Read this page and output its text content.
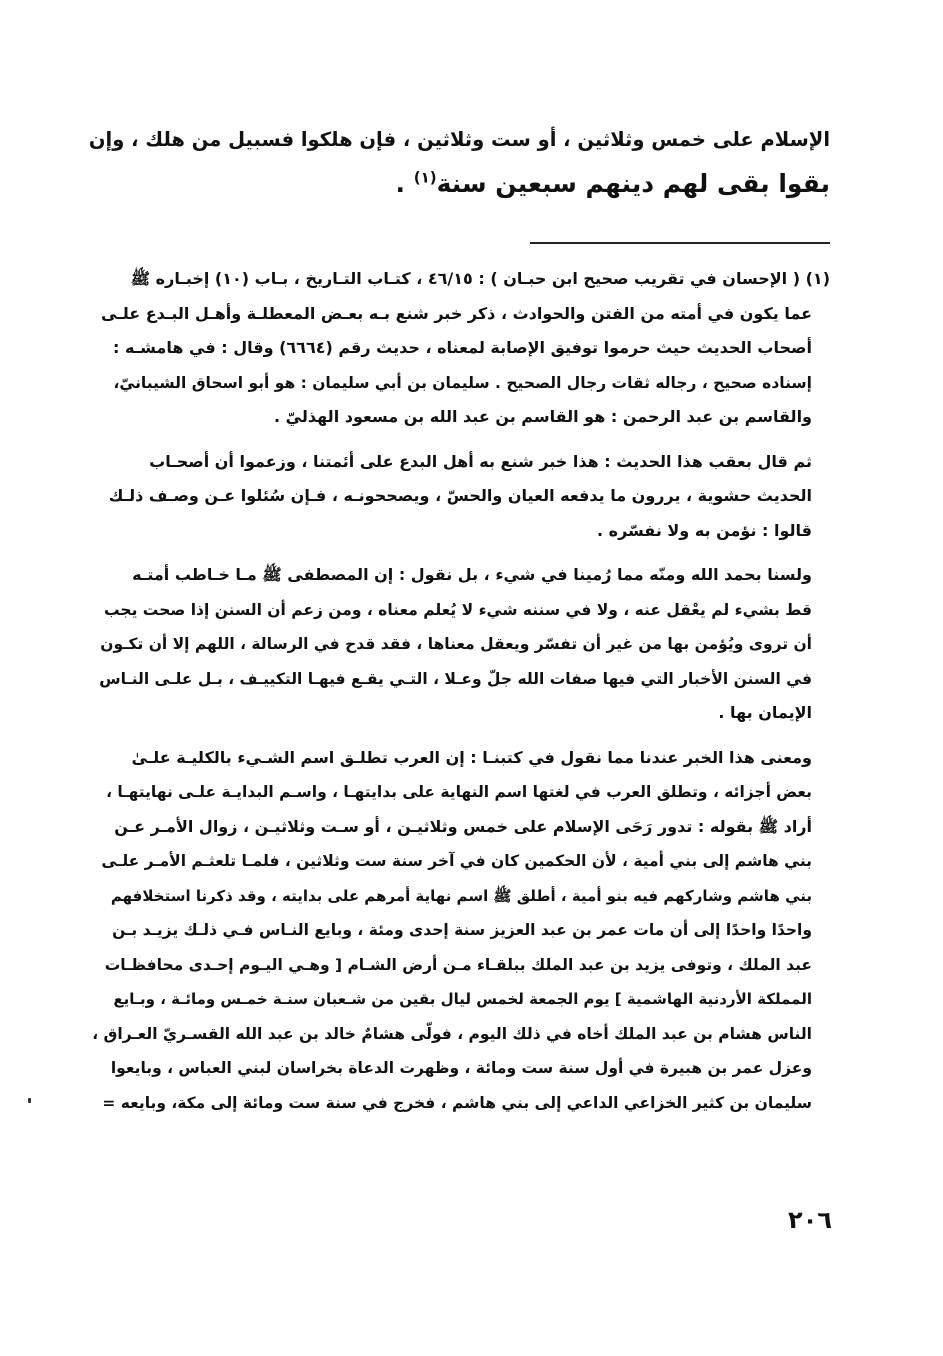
الإسلام على خمس وثلاثين ، أو ست وثلاثين ، فإن هلكوا فسبيل من هلك ، وإن
بقوا بقى لهم دينهم سبعين سنة$^{(١)}$ .
(١) ( الإحسان في تقريب صحيح ابن حبـان ) : ٤٦/١٥ ، كتـاب التـاريخ ، بـاب (١٠) إخبـاره ﷺ
عما يكون في أمته من الفتن والحوادث ، ذكر خبر شنع بـه بعـض المعطلـة وأهـل البـدع علـى
أصحاب الحديث حيث حرموا توفيق الإصابة لمعناه ، حديث رقم (٦٦٦٤) وقال : في هامشـه :
إسناده صحيح ، رجاله ثقات رجال الصحيح . سليمان بن أبي سليمان : هو أبو اسحاق الشيبانيّ،
والقاسم بن عبد الرحمن : هو القاسم بن عبد الله بن مسعود الهذليّ .
ثم قال بعقب هذا الحديث : هذا خبر شنع به أهل البدع على أئمتنا ، وزعموا أن أصحـاب
الحديث حشوية ، يررون ما يدفعه العيان والحسّ ، ويصححونـه ، فـإن سُئلوا عـن وصـف ذلـك
قالوا : نؤمن به ولا نفسّره .
ولسنا بحمد الله ومنّه مما رُمينا في شيء ، بل نقول : إن المصطفى ﷺ مـا خـاطب أمتـه
قط بشيء لم يعْقل عنه ، ولا في سننه شيء لا يُعلم معناه ، ومن زعم أن السنن إذا صحت يجب
أن تروى ويُؤمن بها من غير أن تفسّر ويعقل معناها ، فقد قدح في الرسالة ، اللهم إلا أن تكـون
في السنن الأخبار التي فيها صفات الله جلّ وعـلا ، التـي يقـع فيهـا التكييـف ، بـل علـى النـاس
الإيمان بها .
ومعنى هذا الخبر عندنا مما نقول في كتبنـا : إن العرب تطلـق اسم الشـيء بالكليـة علـىٰ
بعض أجزائه ، وتطلق العرب في لغتها اسم النهاية على بدايتهـا ، واسـم البدايـة علـى نهايتهـا ،
أراد ﷺ بقوله : تدور رَحَى الإسلام على خمس وثلاثيـن ، أو سـت وثلاثيـن ، زوال الأمـر عـن
بني هاشم إلى بني أمية ، لأن الحكمين كان في آخر سنة ست وثلاثين ، فلمـا تلعثـم الأمـر علـى
بني هاشم وشاركهم فيه بنو أمية ، أطلق ﷺ اسم نهاية أمرهم على بدايته ، وقد ذكرنا استخلافهم
واحدًا واحدًا إلى أن مات عمر بن عبد العزيز سنة إحدى ومئة ، وبايع النـاس فـي ذلـك يزيـد بـن
عبد الملك ، وتوفى يزيد بن عبد الملك ببلقـاء مـن أرض الشـام [ وهـي اليـوم إحـدى محافظـات
المملكة الأردنية الهاشمية ] يوم الجمعة لخمس ليال بقين من شـعبان سنـة خمـس ومائـة ، وبـايع
الناس هشام بن عبد الملك أخاه في ذلك اليوم ، فولّى هشامٌ خالد بن عبد الله القسـريّ العـراق ،
وعزل عمر بن هبيرة في أول سنة ست ومائة ، وظهرت الدعاة بخراسان لبني العباس ، وبايعوا
سليمان بن كثير الخزاعي الداعي إلى بني هاشم ، فخرج في سنة ست ومائة إلى مكة، وبايعه =
٢٠٦
